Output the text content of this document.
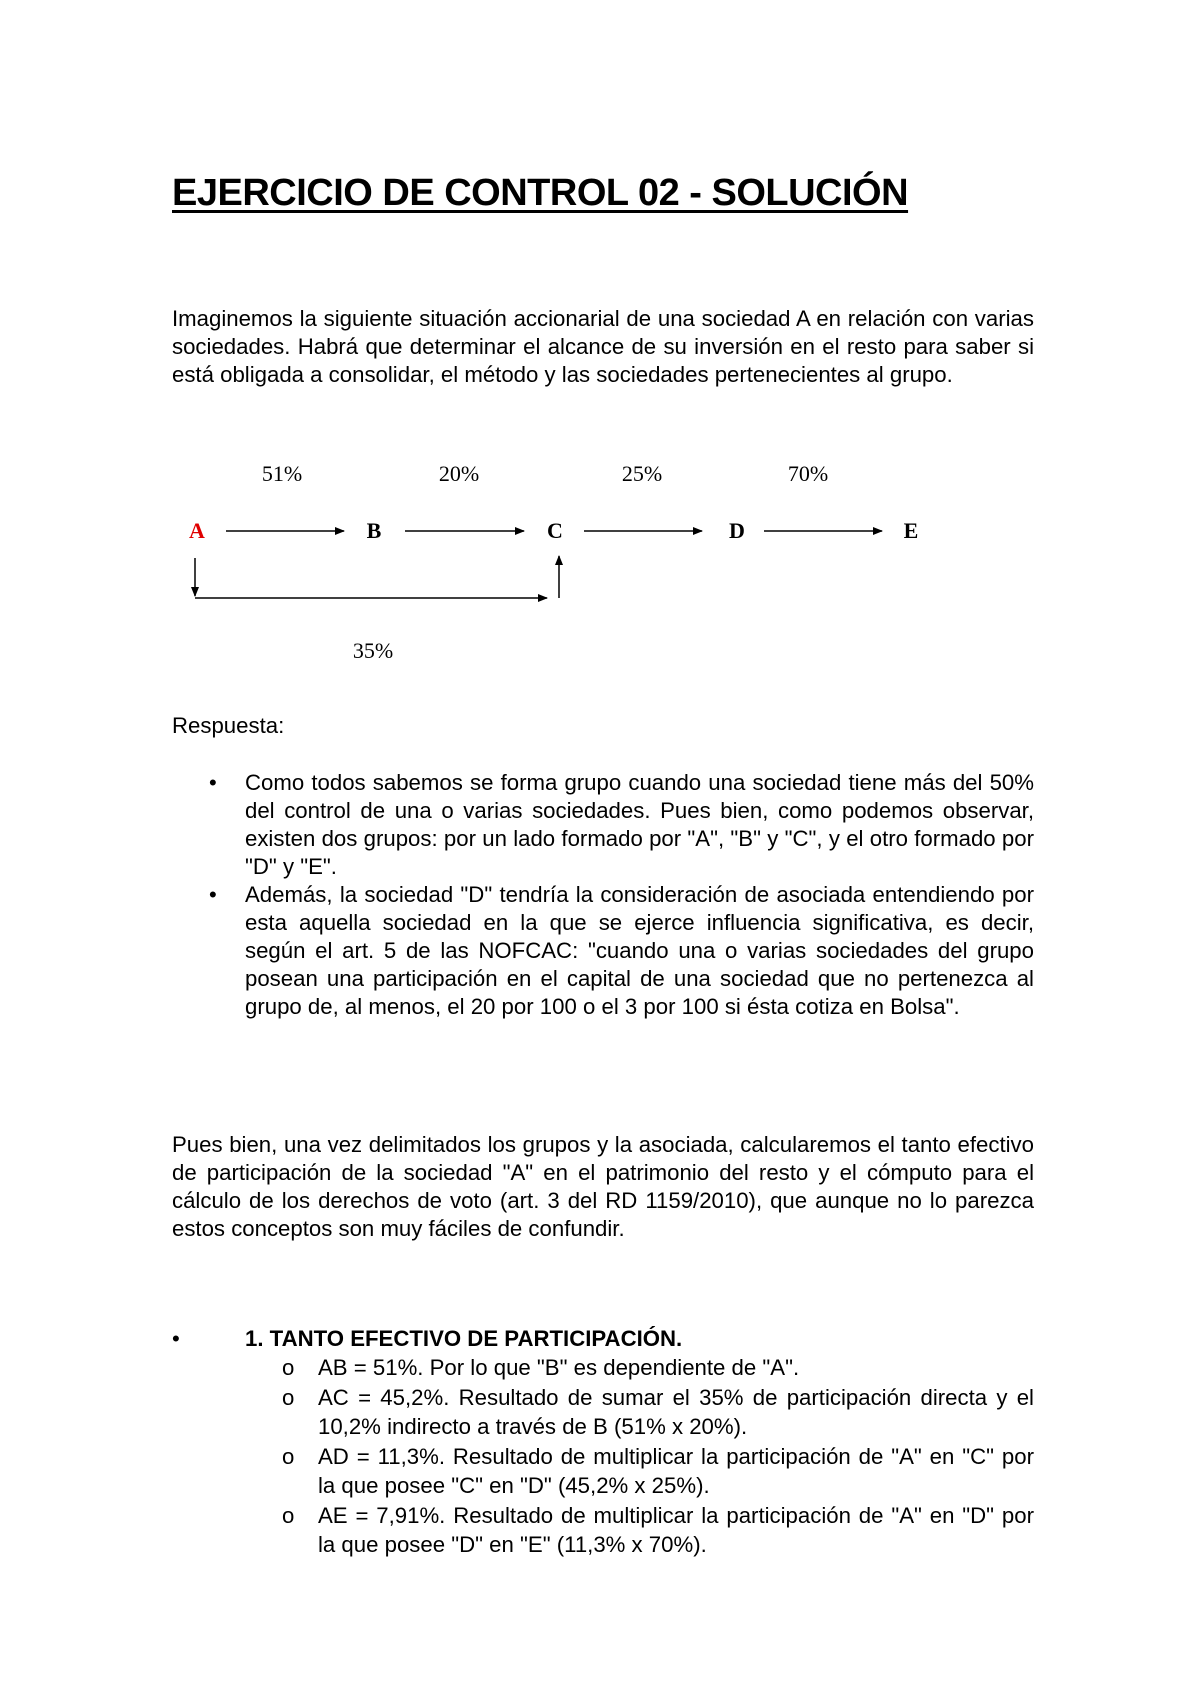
EJERCICIO DE CONTROL 02 - SOLUCIÓN

Imaginemos la siguiente situación accionarial de una sociedad A en relación con varias sociedades. Habrá que determinar el alcance de su inversión en el resto para saber si está obligada a consolidar, el método y las sociedades pertenecientes al grupo.

51%	20%	25%	70%
35%
A	B	C	D	E

Respuesta:

• Como todos sabemos se forma grupo cuando una sociedad tiene más del 50% del control de una o varias sociedades. Pues bien, como podemos observar, existen dos grupos: por un lado formado por "A", "B" y "C", y el otro formado por "D" y "E".
• Además, la sociedad "D" tendría la consideración de asociada entendiendo por esta aquella sociedad en la que se ejerce influencia significativa, es decir, según el art. 5 de las NOFCAC: "cuando una o varias sociedades del grupo posean una participación en el capital de una sociedad que no pertenezca al grupo de, al menos, el 20 por 100 o el 3 por 100 si ésta cotiza en Bolsa".

Pues bien, una vez delimitados los grupos y la asociada, calcularemos el tanto efectivo de participación de la sociedad "A" en el patrimonio del resto y el cómputo para el cálculo de los derechos de voto (art. 3 del RD 1159/2010), que aunque no lo parezca estos conceptos son muy fáciles de confundir.

•	1. TANTO EFECTIVO DE PARTICIPACIÓN.
o AB = 51%. Por lo que "B" es dependiente de "A".
o AC = 45,2%. Resultado de sumar el 35% de participación directa y el 10,2% indirecto a través de B (51% x 20%).
o AD = 11,3%. Resultado de multiplicar la participación de "A" en "C" por la que posee "C" en "D" (45,2% x 25%).
o AE = 7,91%. Resultado de multiplicar la participación de "A" en "D" por la que posee "D" en "E" (11,3% x 70%).
